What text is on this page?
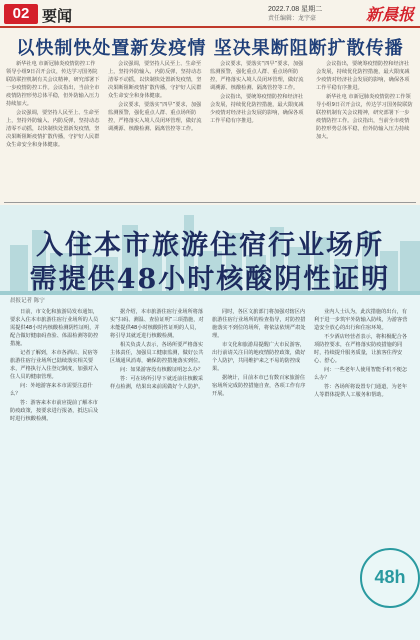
02 要闻	2022.7.08 星期二
责任编辑：龙宇豪	新晨报
以快制快处置新发疫情 坚决果断阻断扩散传播

新华社电 市新冠肺炎疫情防控工作领导小组9日召开会议，传达学习国务院联防联控机制有关会议精神，研究部署下一步疫情防控工作。会议指出，当前全市疫情防控形势总体平稳，但外防输入压力持续加大。

会议强调，要坚持人民至上、生命至上，坚持外防输入、内防反弹，坚持动态清零不动摇，以快制快处置新发疫情，坚决果断阻断疫情扩散传播，守护好人民群众生命安全和身体健康。

会议强调，要坚持人民至上、生命至上，坚持外防输入、内防反弹，坚持动态清零不动摇，以快制快处置新发疫情，坚决果断阻断疫情扩散传播，守护好人民群众生命安全和身体健康。

会议要求，要落实“四早”要求，加强监测预警，强化重点人群、重点场所防控，严格落实入境人员闭环管理，做好流调溯源、核酸检测、隔离管控等工作。

会议要求，要落实“四早”要求，加强监测预警，强化重点人群、重点场所防控，严格落实入境人员闭环管理，做好流调溯源、核酸检测、隔离管控等工作。

会议指出，要统筹疫情防控和经济社会发展，持续优化防控措施，最大限度减少疫情对经济社会发展的影响，确保各项工作平稳有序推进。

会议指出，要统筹疫情防控和经济社会发展，持续优化防控措施，最大限度减少疫情对经济社会发展的影响，确保各项工作平稳有序推进。

新华社电 市新冠肺炎疫情防控工作领导小组9日召开会议，传达学习国务院联防联控机制有关会议精神，研究部署下一步疫情防控工作。会议指出，当前全市疫情防控形势总体平稳，但外防输入压力持续加大。

入住本市旅游住宿行业场所
需提供48小时核酸阴性证明
晨报记者 陈宁

日前，市文化和旅游局发布通知，要求入住本市旅游住宿行业场所的人员需提供48小时内核酸检测阴性证明，并配合做好健康码查验、体温检测等防控措施。

记者了解到，本市各酒店、民宿等旅游住宿行业场所已陆续落实相关要求，严格执行入住登记制度，加强对入住人员的健康管理。

问：外地游客来本市需要注意什么？

答：游客来本市前应提前了解本市防疫政策，按要求进行报备，抵达后及时进行核酸检测。

据介绍，本市旅游住宿行业场所将落实“扫码、测温、查验证明”三项措施，对未能提供48小时核酸阴性证明的人员，将引导其就近进行核酸检测。

相关负责人表示，各场所要严格落实主体责任，加强员工健康监测，做好公共区域通风消毒，确保防控措施落实到位。

问：如果游客没有核酸证明怎么办？

答：可在场所引导下就近前往核酸采样点检测，结果出来前需做好个人防护。

同时，各区文旅部门将加强对辖区内旅游住宿行业场所的检查指导，对防控措施落实不到位的场所，将依法依规严肃处理。

市文化和旅游局提醒广大市民游客，出行前请关注目的地疫情防控政策，做好个人防护，共同维护来之不易的防控成果。

据统计，目前本市已有数百家旅游住宿场所完成防控措施自查，各项工作有序开展。

业内人士认为，此次措施的出台，有利于进一步筑牢外防输入防线，为游客营造安全放心的出行和住宿环境。

不少酒店经营者表示，将积极配合各项防控要求，在严格落实防疫措施的同时，持续提升服务质量，让旅客住得安心、舒心。

问：一些老年人使用智能手机不便怎么办？

答：各场所将设置专门通道，为老年人等群体提供人工服务和帮助。

48h
